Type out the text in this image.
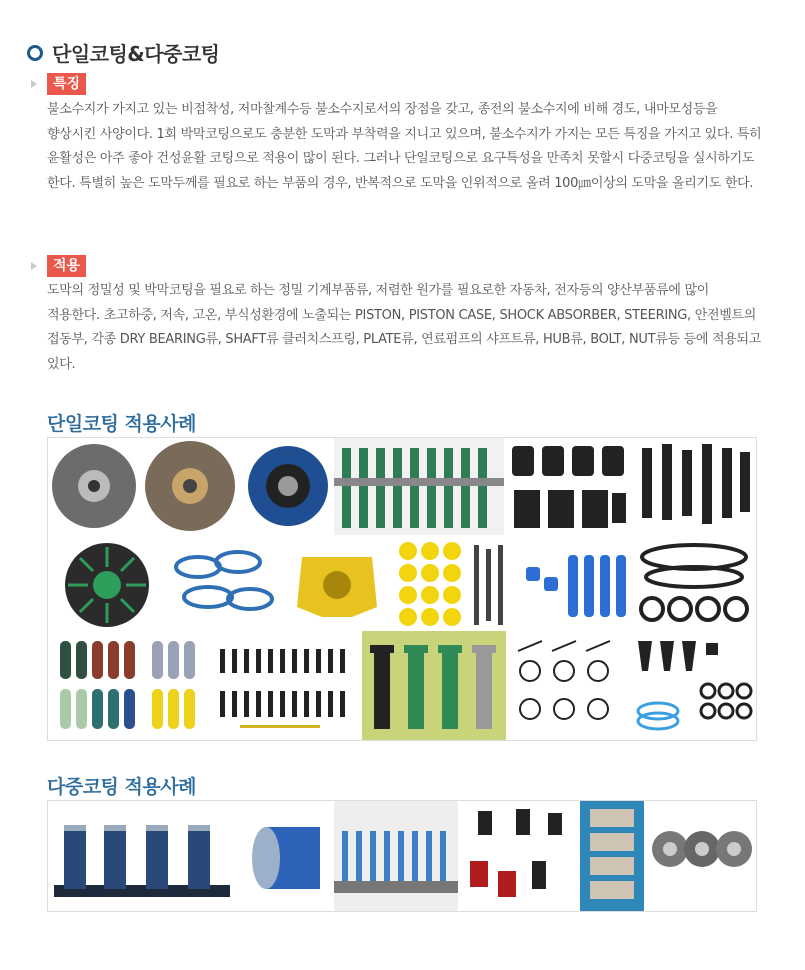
단일코팅&다중코팅
특징
불소수지가 가지고 있는 비점착성, 저마찰계수등 불소수지로서의 장점을 갖고, 종전의 불소수지에 비해 경도, 내마모성등을 향상시킨 사양이다. 1회 박막코팅으로도 충분한 도막과 부착력을 지니고 있으며, 불소수지가 가지는 모든 특징을 가지고 있다. 특히 윤활성은 아주 좋아 건성윤활 코팅으로 적용이 많이 된다. 그러나 단일코팅으로 요구특성을 만족치 못할시 다중코팅을 실시하기도 한다. 특별히 높은 도막두께를 필요로 하는 부품의 경우, 반복적으로 도막을 인위적으로 올려 100㎛이상의 도막을 올리기도 한다.
적용
도막의 정밀성 및 박막코팅을 필요로 하는 정밀 기계부품류, 저렴한 원가를 필요로한 자동차, 전자등의 양산부품류에 많이 적용한다. 초고하중, 저속, 고온, 부식성환경에 노출되는 PISTON, PISTON CASE, SHOCK ABSORBER, STEERING, 안전벨트의 접동부, 각종 DRY BEARING류, SHAFT류 클러치스프링, PLATE류, 연료펌프의 샤프트류, HUB류, BOLT, NUT류등 등에 적용되고 있다.
단일코팅 적용사례
다중코팅 적용사례
